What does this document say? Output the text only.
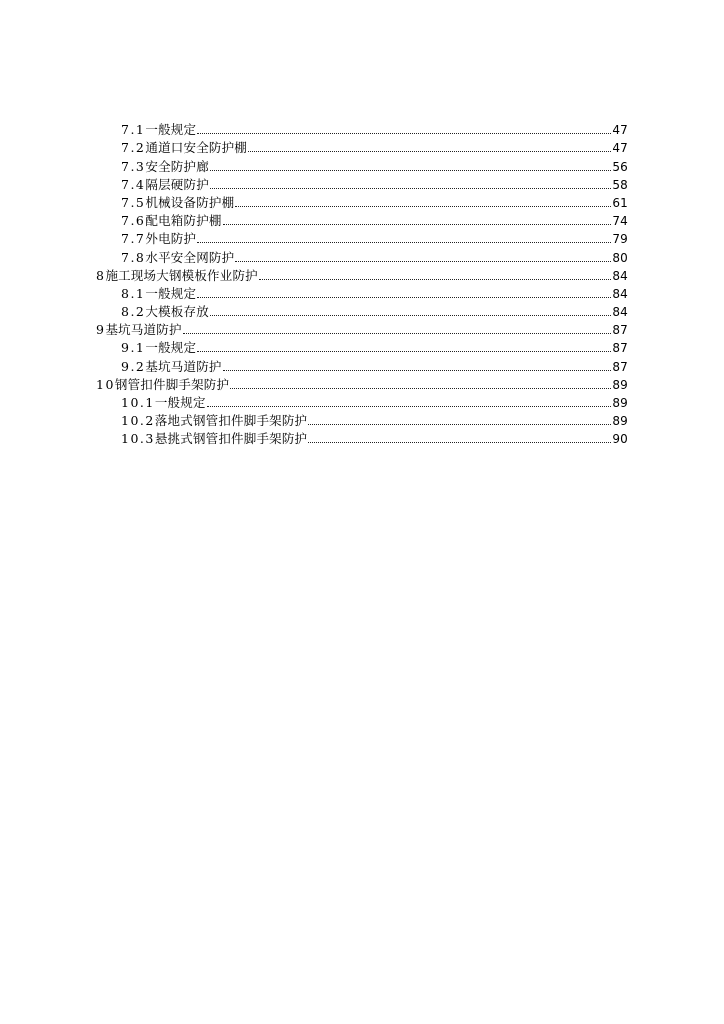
7.1 一般规定	47
7.2 通道口安全防护棚	47
7.3 安全防护廊	56
7.4 隔层硬防护	58
7.5 机械设备防护棚	61
7.6 配电箱防护棚	74
7.7 外电防护	79
7.8 水平安全网防护	80
8 施工现场大钢模板作业防护	84
8.1 一般规定	84
8.2 大模板存放	84
9 基坑马道防护	87
9.1 一般规定	87
9.2 基坑马道防护	87
10 钢管扣件脚手架防护	89
10.1 一般规定	89
10.2 落地式钢管扣件脚手架防护	89
10.3 悬挑式钢管扣件脚手架防护	90
